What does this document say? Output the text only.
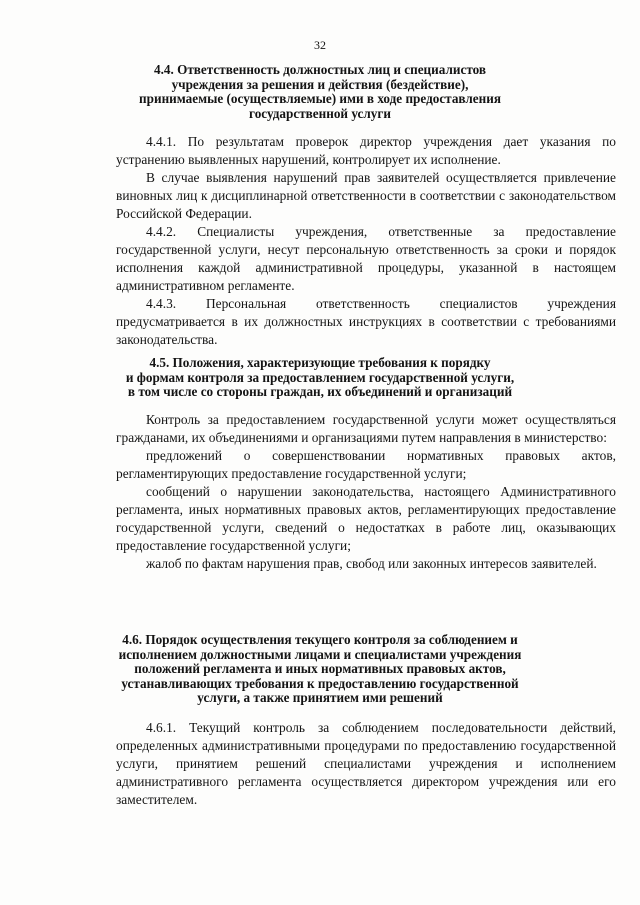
32
4.4. Ответственность должностных лиц и специалистов
учреждения за решения и действия (бездействие),
принимаемые (осуществляемые) ими в ходе предоставления
государственной услуги

4.4.1. По результатам проверок директор учреждения дает указания по устранению выявленных нарушений, контролирует их исполнение.

В случае выявления нарушений прав заявителей осуществляется привлечение виновных лиц к дисциплинарной ответственности в соответствии с законодательством Российской Федерации.

4.4.2. Специалисты учреждения, ответственные за предоставление государственной услуги, несут персональную ответственность за сроки и порядок исполнения каждой административной процедуры, указанной в настоящем административном регламенте.

4.4.3. Персональная ответственность специалистов учреждения предусматривается в их должностных инструкциях в соответствии с требованиями законодательства.

4.5. Положения, характеризующие требования к порядку
и формам контроля за предоставлением государственной услуги,
в том числе со стороны граждан, их объединений и организаций

Контроль за предоставлением государственной услуги может осуществляться гражданами, их объединениями и организациями путем направления в министерство:

предложений о совершенствовании нормативных правовых актов, регламентирующих предоставление государственной услуги;

сообщений о нарушении законодательства, настоящего Административного регламента, иных нормативных правовых актов, регламентирующих предоставление государственной услуги, сведений о недостатках в работе лиц, оказывающих предоставление государственной услуги;

жалоб по фактам нарушения прав, свобод или законных интересов заявителей.

4.6. Порядок осуществления текущего контроля за соблюдением и
исполнением должностными лицами и специалистами учреждения
положений регламента и иных нормативных правовых актов,
устанавливающих требования к предоставлению государственной
услуги, а также принятием ими решений

4.6.1. Текущий контроль за соблюдением последовательности действий, определенных административными процедурами по предоставлению государственной услуги, принятием решений специалистами учреждения и исполнением административного регламента осуществляется директором учреждения или его заместителем.
